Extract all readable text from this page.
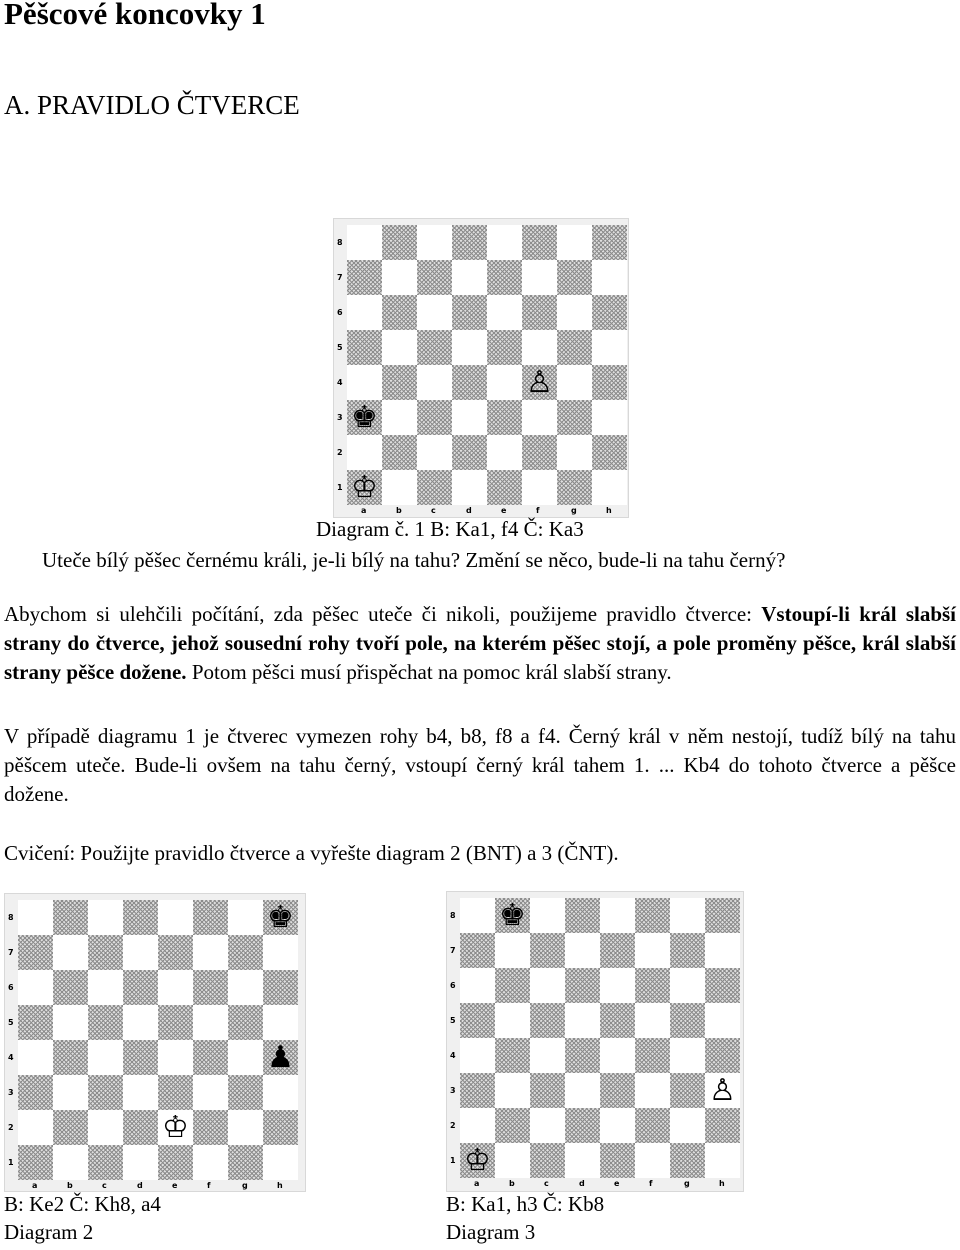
Pěšcové koncovky 1
A. PRAVIDLO ČTVERCE
8
7
6
5
4
3
2
1
a	b	c	d	e	f	g	h
♔
♚
♙
Diagram č. 1 B: Ka1, f4 Č: Ka3
Uteče bílý pěšec černému králi, je-li bílý na tahu? Změní se něco, bude-li na tahu černý?
Abychom si ulehčili počítání, zda pěšec uteče či nikoli, použijeme pravidlo čtverce: Vstoupí-li král slabší strany do čtverce, jehož sousední rohy tvoří pole, na kterém pěšec stojí, a pole proměny pěšce, král slabší strany pěšce dožene. Potom pěšci musí přispěchat na pomoc král slabší strany.
V případě diagramu 1 je čtverec vymezen rohy b4, b8, f8 a f4. Černý král v něm nestojí, tudíž bílý na tahu pěšcem uteče. Bude-li ovšem na tahu černý, vstoupí černý král tahem 1. ... Kb4 do tohoto čtverce a pěšce dožene.
Cvičení: Použijte pravidlo čtverce a vyřešte diagram 2 (BNT) a 3 (ČNT).
8
7
6
5
4
3
2
1
a	b	c	d	e	f	g	h
♚
♟
♔
8
7
6
5
4
3
2
1
a	b	c	d	e	f	g	h
♚
♙
♔
B: Ke2 Č: Kh8, a4
Diagram 2
B: Ka1, h3 Č: Kb8
Diagram 3
